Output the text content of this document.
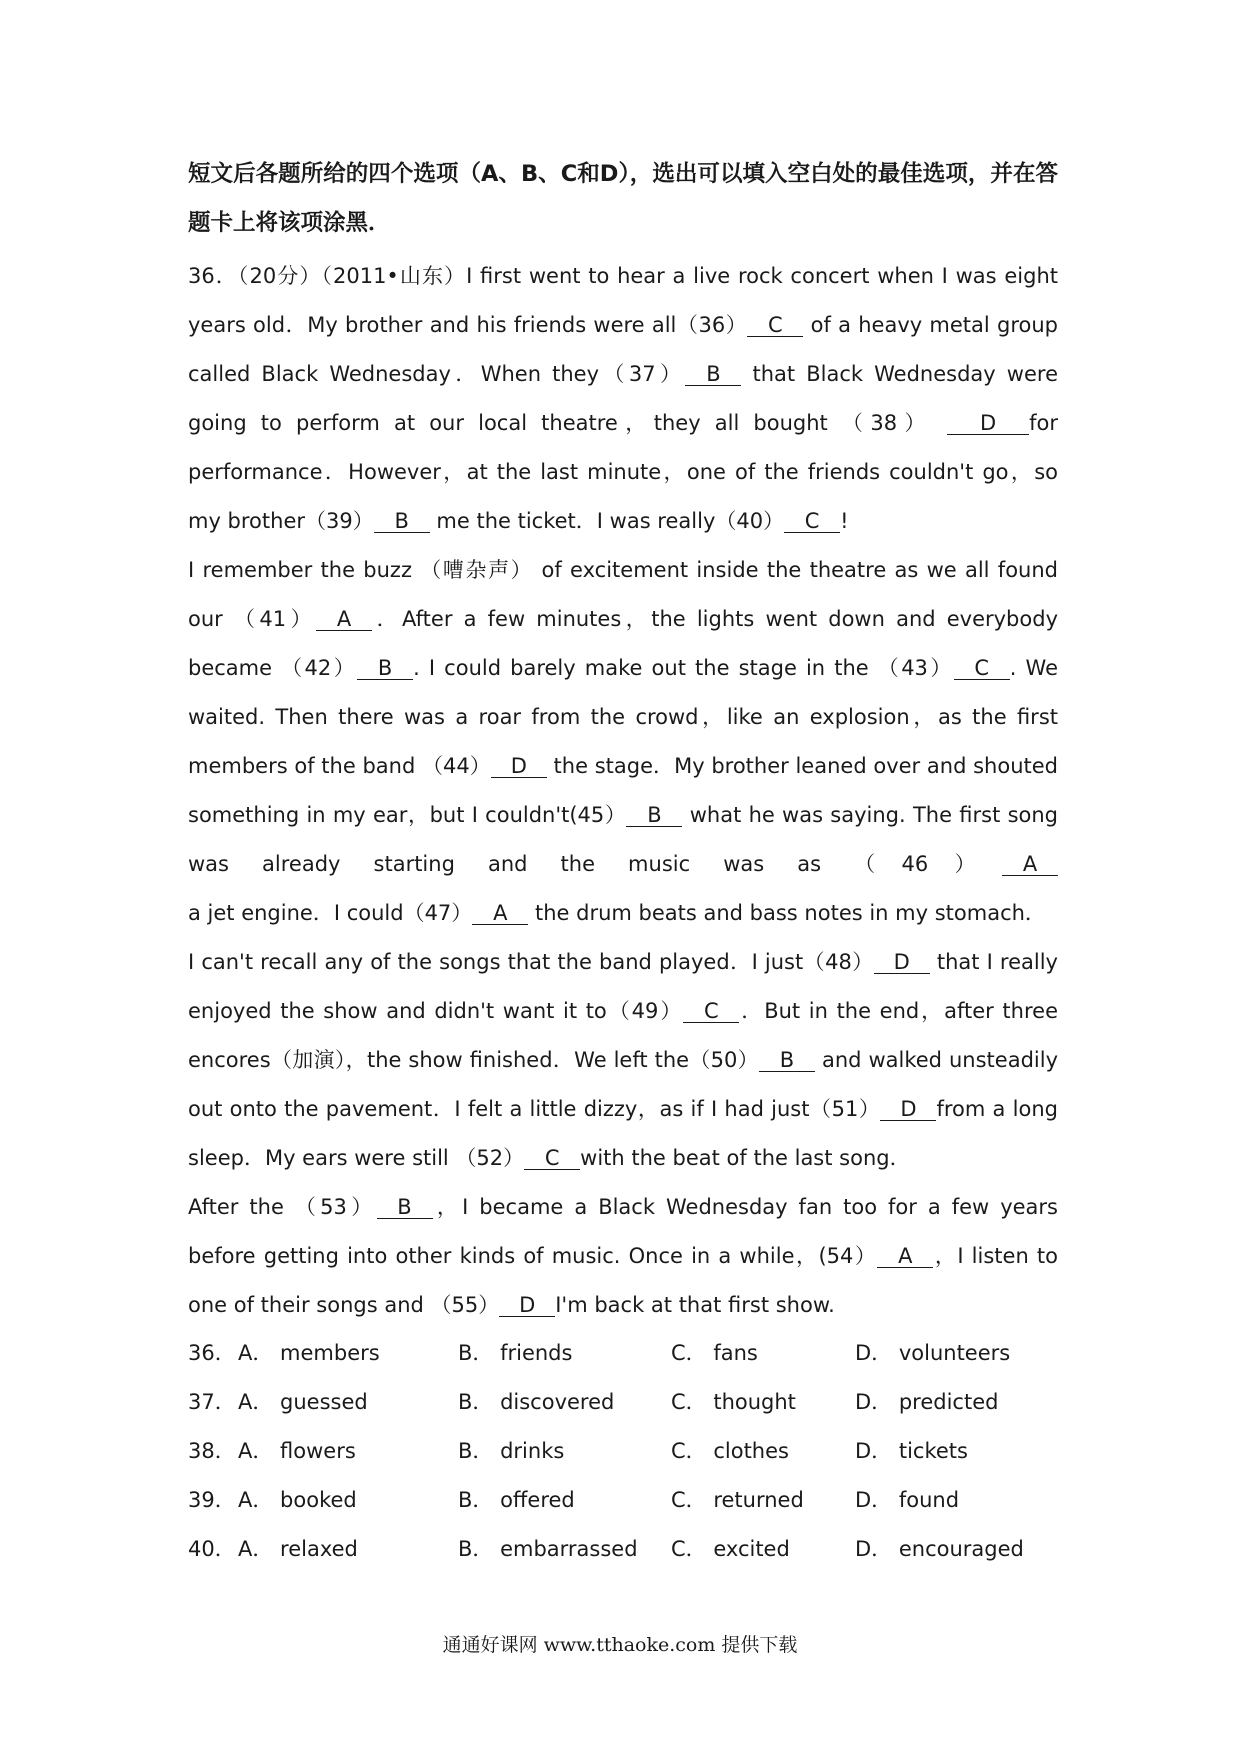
短文后各题所给的四个选项（A、B、C和D），选出可以填入空白处的最佳选项，并在答题卡上将该项涂黑．

36．（20分）（2011•山东）I first went to hear a live rock concert when I was eight years old．My brother and his friends were all（36） C of a heavy metal group called Black Wednesday．When they（37） B that Black Wednesday were going to perform at our local theatre，they all bought （38） D for performance．However，at the last minute，one of the friends couldn't go，so my brother（39） B me the ticket．I was really（40） C !

I remember the buzz （嘈杂声） of excitement inside the theatre as we all found our （41） A ．After a few minutes，the lights went down and everybody became （42） B . I could barely make out the stage in the （43） C . We waited. Then there was a roar from the crowd，like an explosion，as the first members of the band （44） D the stage．My brother leaned over and shouted something in my ear，but I couldn't(45） B what he was saying. The first song was already starting and the music was as （46） A a jet engine．I could（47） A the drum beats and bass notes in my stomach．

I can't recall any of the songs that the band played．I just（48） D that I really enjoyed the show and didn't want it to（49） C ．But in the end，after three encores（加演），the show finished．We left the（50） B and walked unsteadily out onto the pavement．I felt a little dizzy，as if I had just（51） D from a long sleep．My ears were still （52） C with the beat of the last song．

After the （53） B ，I became a Black Wednesday fan too for a few years before getting into other kinds of music. Once in a while，(54） A ，I listen to one of their songs and （55） D I'm back at that first show.

36． A． members	B． friends	C． fans	D． volunteers
37． A． guessed	B． discovered	C． thought	D． predicted
38． A． flowers	B． drinks	C． clothes	D． tickets
39． A． booked	B． offered	C． returned D． found
40． A． relaxed	B． embarrassed C． excited	D． encouraged
通通好课网 www.tthaoke.com 提供下载
